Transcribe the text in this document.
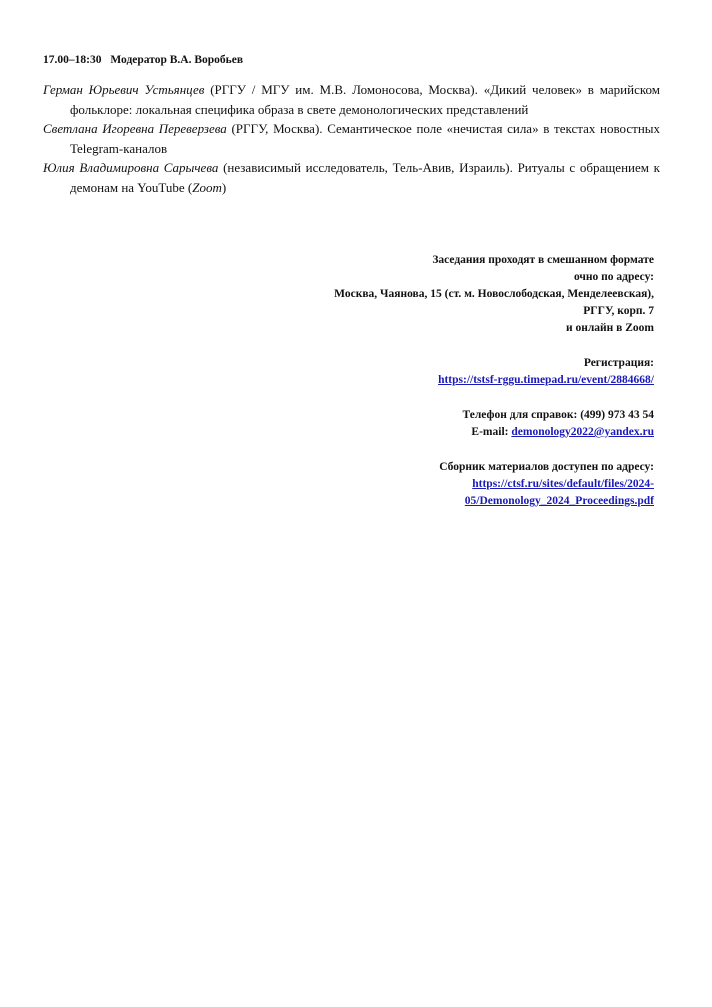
17.00–18:30 Модератор В.А. Воробьев

Герман Юрьевич Устьянцев (РГГУ / МГУ им. М.В. Ломоносова, Москва). «Дикий человек» в марийском фольклоре: локальная специфика образа в свете демонологических представлений

Светлана Игоревна Переверзева (РГГУ, Москва). Семантическое поле «нечистая сила» в текстах новостных Telegram-каналов

Юлия Владимировна Сарычева (независимый исследователь, Тель-Авив, Израиль). Ритуалы с обращением к демонам на YouTube (Zoom)

Заседания проходят в смешанном формате

очно по адресу:

Москва, Чаянова, 15 (ст. м. Новослободская, Менделеевская),

РГГУ, корп. 7

и онлайн в Zoom

Регистрация:

https://tstsf-rggu.timepad.ru/event/2884668/

Телефон для справок: (499) 973 43 54

E-mail: demonology2022@yandex.ru

Сборник материалов доступен по адресу:

https://ctsf.ru/sites/default/files/2024-
05/Demonology_2024_Proceedings.pdf
